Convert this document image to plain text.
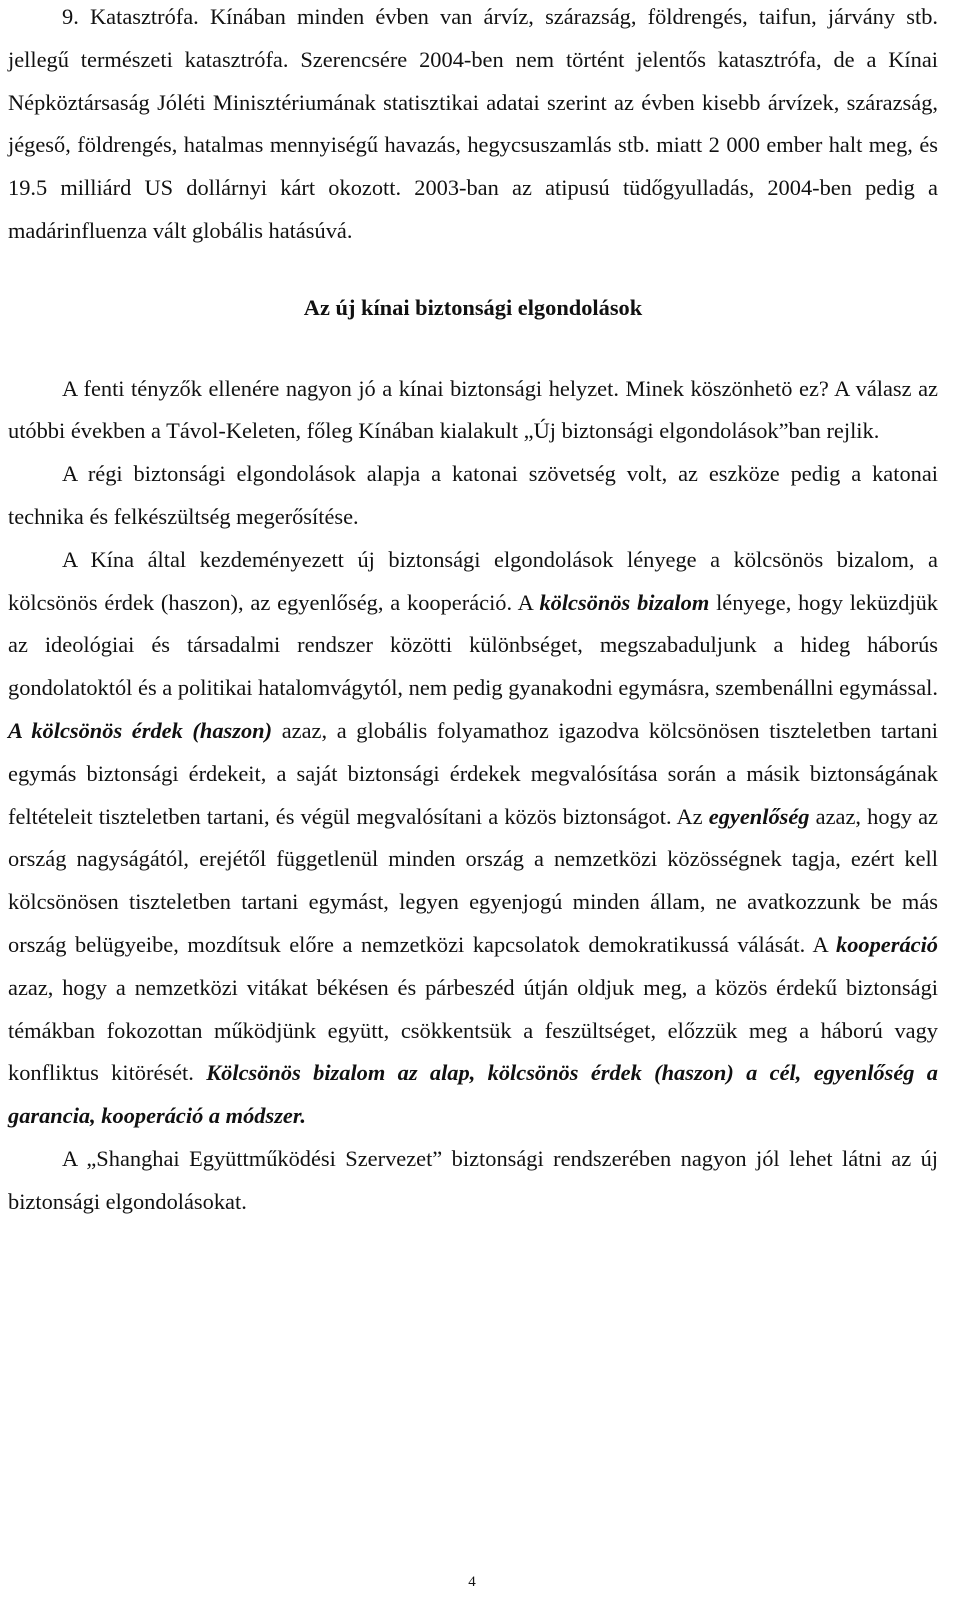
9. Katasztrófa. Kínában minden évben van árvíz, szárazság, földrengés, taifun, járvány stb. jellegű természeti katasztrófa. Szerencsére 2004-ben nem történt jelentős katasztrófa, de a Kínai Népköztársaság Jóléti Minisztériumának statisztikai adatai szerint az évben kisebb árvízek, szárazság, jégeső, földrengés, hatalmas mennyiségű havazás, hegycsuszamlás stb. miatt 2 000 ember halt meg, és 19.5 milliárd US dollárnyi kárt okozott. 2003-ban az atipusú tüdőgyulladás, 2004-ben pedig a madárinfluenza vált globális hatásúvá.

Az új kínai biztonsági elgondolások

A fenti tényzők ellenére nagyon jó a kínai biztonsági helyzet. Minek köszönhetö ez? A válasz az utóbbi években a Távol-Keleten, főleg Kínában kialakult „Új biztonsági elgondolások”ban rejlik.

A régi biztonsági elgondolások alapja a katonai szövetség volt, az eszköze pedig a katonai technika és felkészültség megerősítése.

A Kína által kezdeményezett új biztonsági elgondolások lényege a kölcsönös bizalom, a kölcsönös érdek (haszon), az egyenlőség, a kooperáció. A kölcsönös bizalom lényege, hogy leküzdjük az ideológiai és társadalmi rendszer közötti különbséget, megszabaduljunk a hideg háborús gondolatoktól és a politikai hatalomvágytól, nem pedig gyanakodni egymásra, szembenállni egymással. A kölcsönös érdek (haszon) azaz, a globális folyamathoz igazodva kölcsönösen tiszteletben tartani egymás biztonsági érdekeit, a saját biztonsági érdekek megvalósítása során a másik biztonságának feltételeit tiszteletben tartani, és végül megvalósítani a közös biztonságot. Az egyenlőség azaz, hogy az ország nagyságától, erejétől függetlenül minden ország a nemzetközi közösségnek tagja, ezért kell kölcsönösen tiszteletben tartani egymást, legyen egyenjogú minden állam, ne avatkozzunk be más ország belügyeibe, mozdítsuk előre a nemzetközi kapcsolatok demokratikussá válását. A kooperáció azaz, hogy a nemzetközi vitákat békésen és párbeszéd útján oldjuk meg, a közös érdekű biztonsági témákban fokozottan működjünk együtt, csökkentsük a feszültséget, előzzük meg a háború vagy konfliktus kitörését. Kölcsönös bizalom az alap, kölcsönös érdek (haszon) a cél, egyenlőség a garancia, kooperáció a módszer.

A „Shanghai Együttműködési Szervezet” biztonsági rendszerében nagyon jól lehet látni az új biztonsági elgondolásokat.

4
